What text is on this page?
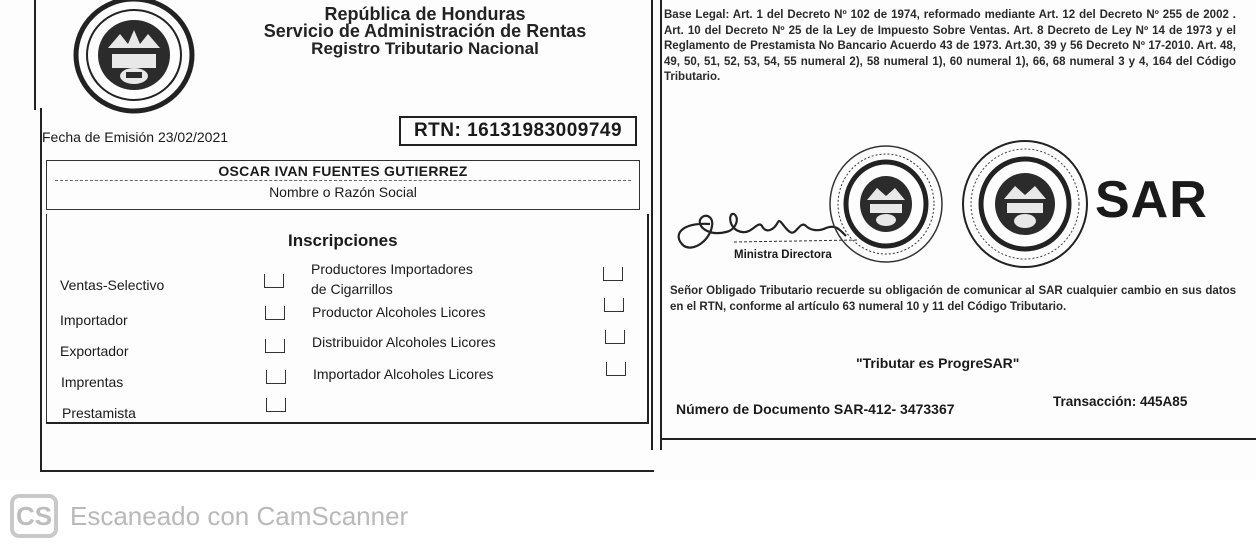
República de Honduras
Servicio de Administración de Rentas
Registro Tributario Nacional
Fecha de Emisión 23/02/2021	RTN: 16131983009749
OSCAR IVAN FUENTES GUTIERREZ
Nombre o Razón Social
Inscripciones
Ventas-Selectivo
Importador
Exportador
Imprentas
Prestamista
Productores Importadores
de Cigarrillos
Productor Alcoholes Licores
Distribuidor Alcoholes Licores
Importador Alcoholes Licores
Base Legal: Art. 1 del Decreto Nº 102 de 1974, reformado mediante Art. 12 del Decreto Nº 255 de 2002 . Art. 10 del Decreto Nº 25 de la Ley de Impuesto Sobre Ventas. Art. 8 Decreto de Ley Nº 14 de 1973 y el Reglamento de Prestamista No Bancario Acuerdo 43 de 1973. Art.30, 39 y 56 Decreto Nº 17-2010. Art. 48, 49, 50, 51, 52, 53, 54, 55 numeral 2), 58 numeral 1), 60 numeral 1), 66, 68 numeral 3 y 4, 164 del Código Tributario.
Ministra Directora
SAR
Señor Obligado Tributario recuerde su obligación de comunicar al SAR cualquier cambio en sus datos en el RTN, conforme al artículo 63 numeral 10 y 11 del Código Tributario.
"Tributar es ProgreSAR"
Número de Documento SAR-412- 3473367	Transacción: 445A85
CS Escaneado con CamScanner
